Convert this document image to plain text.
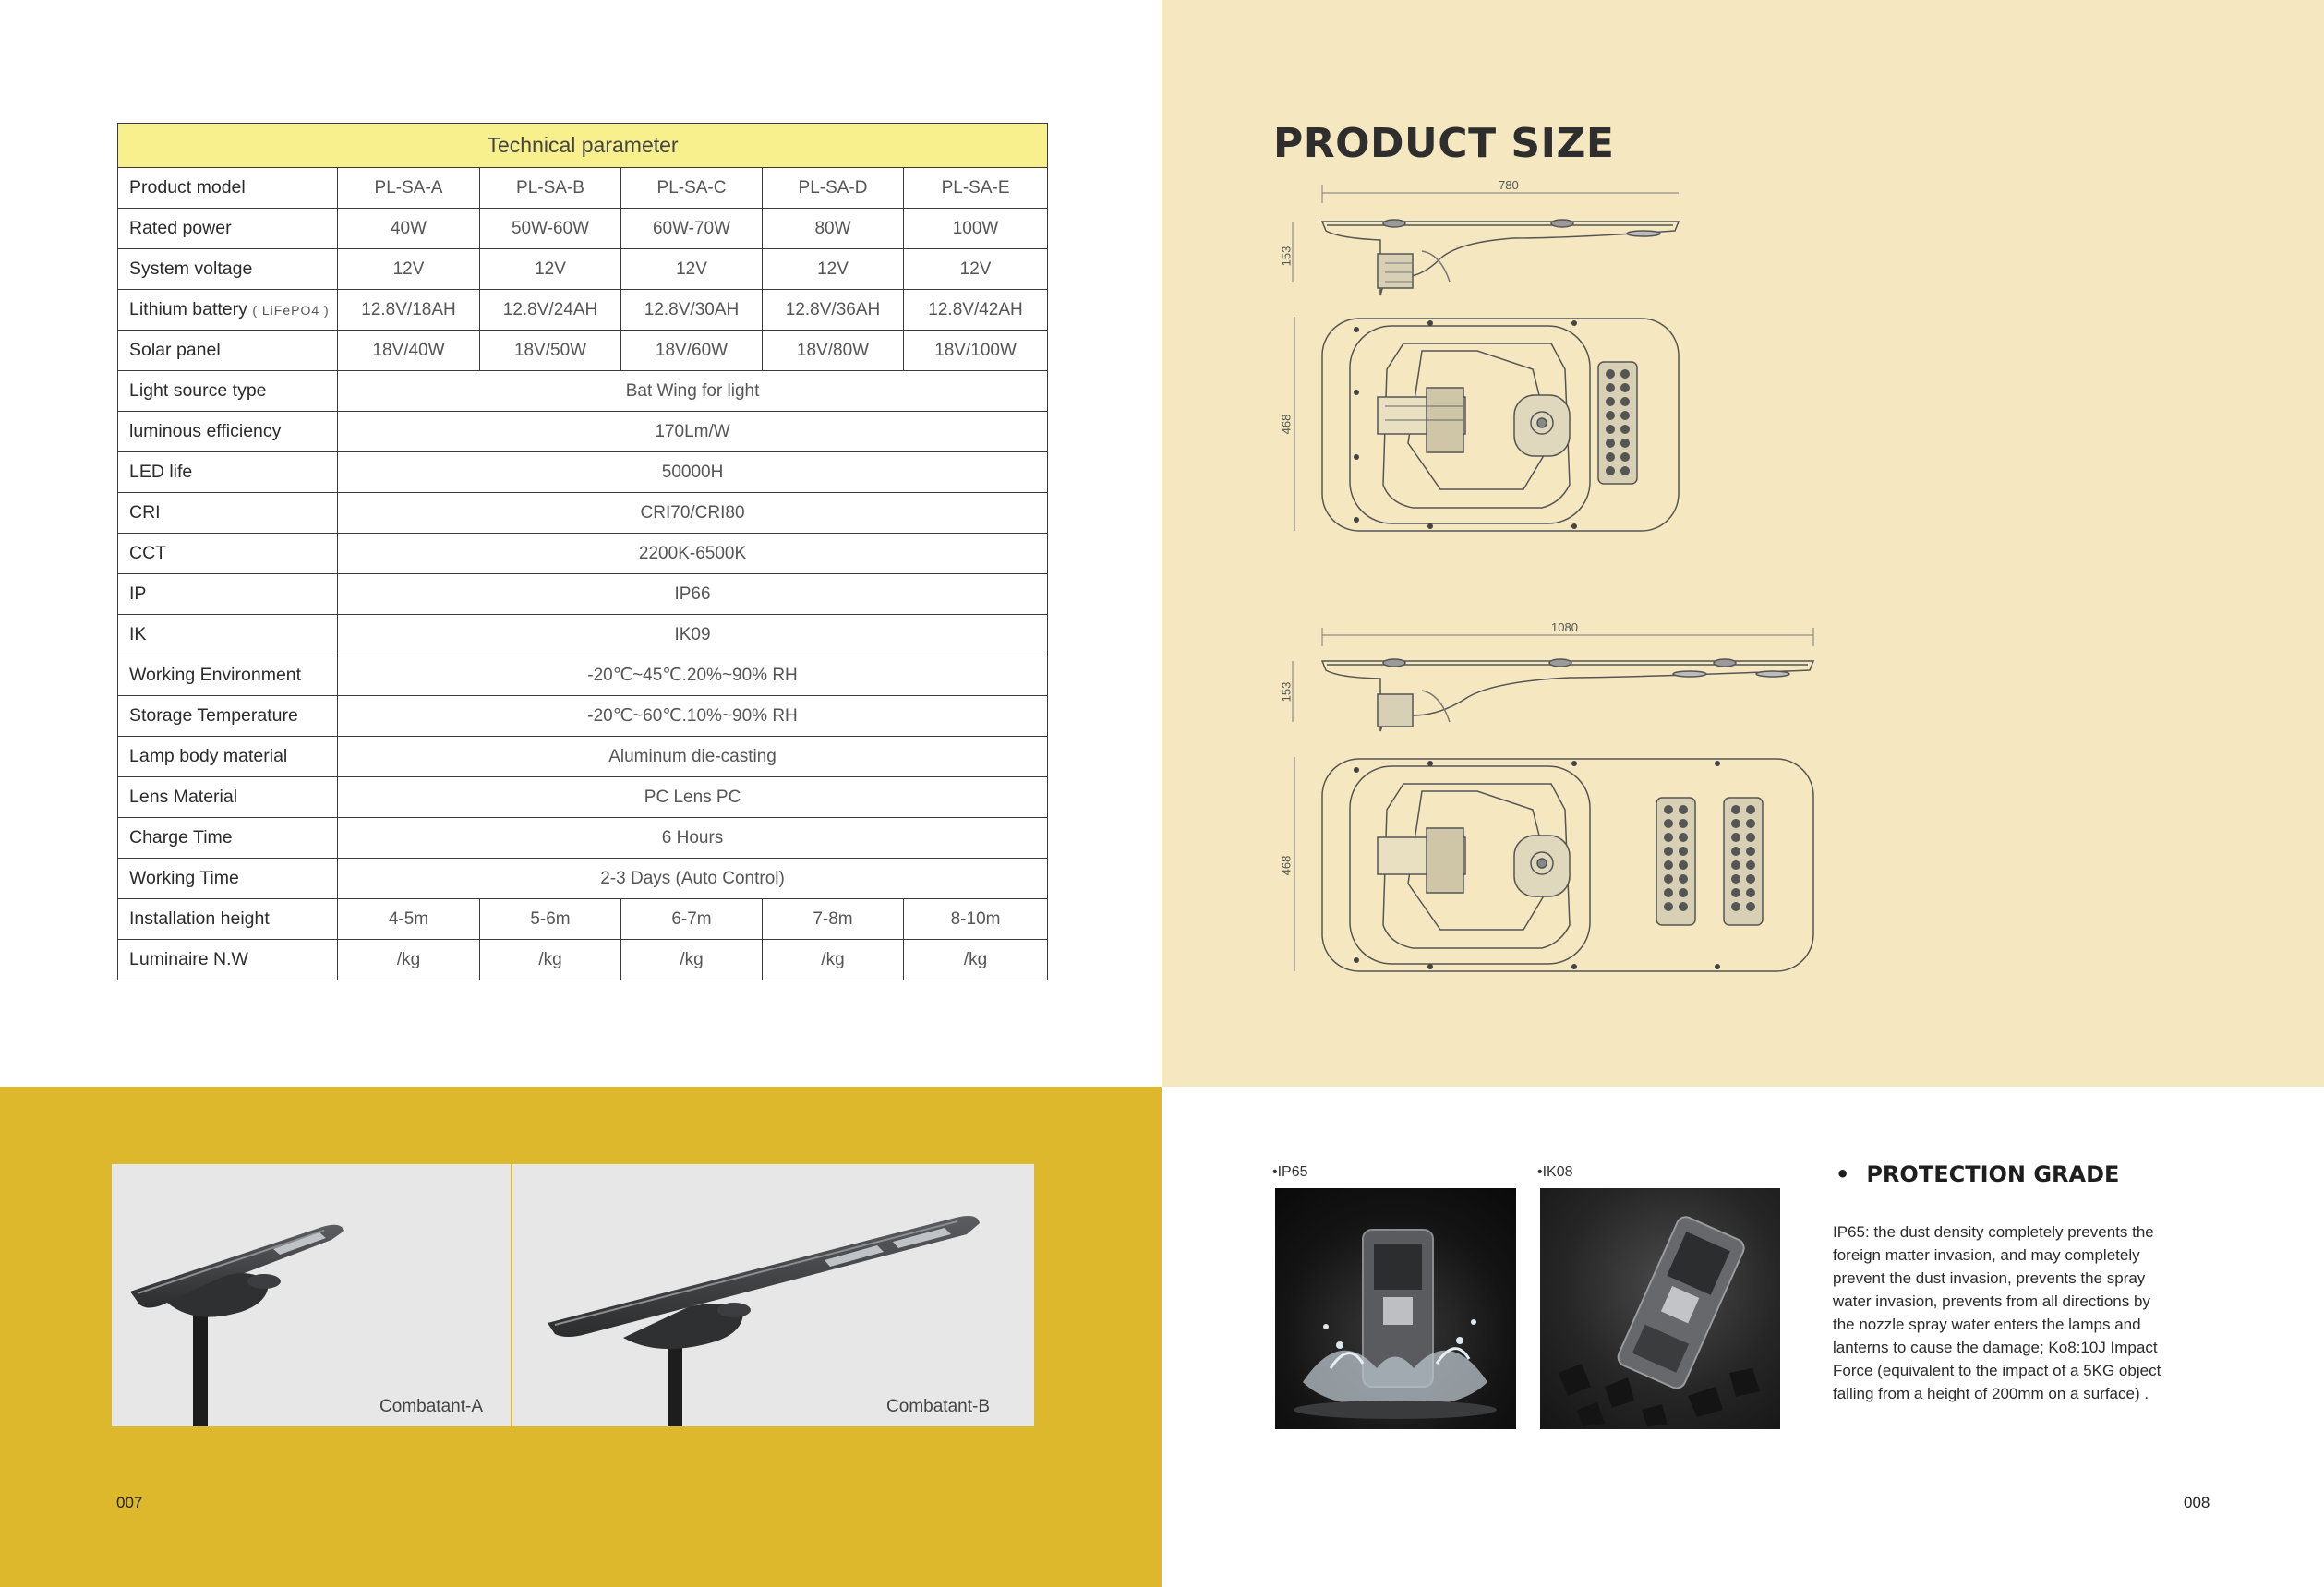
Technical parameter					
Product model	PL-SA-A	PL-SA-B	PL-SA-C	PL-SA-D	PL-SA-E
Rated power	40W	50W-60W	60W-70W	80W	100W
System voltage	12V	12V	12V	12V	12V
Lithium battery ( LiFePO4 )	12.8V/18AH	12.8V/24AH	12.8V/30AH	12.8V/36AH	12.8V/42AH
Solar panel	18V/40W	18V/50W	18V/60W	18V/80W	18V/100W
Light source type	Bat Wing for light				
luminous efficiency	170Lm/W				
LED life	50000H				
CRI	CRI70/CRI80				
CCT	2200K-6500K				
IP	IP66				
IK	IK09				
Working Environment	-20℃~45℃.20%~90% RH				
Storage Temperature	-20℃~60℃.10%~90% RH				
Lamp body material	Aluminum die-casting				
Lens Material	PC Lens PC				
Charge Time	6 Hours				
Working Time	2-3 Days (Auto Control)				
Installation height	4-5m	5-6m	6-7m	7-8m	8-10m
Luminaire N.W	/kg	/kg	/kg	/kg	/kg
PRODUCT SIZE
780
153
468
1080
153
468
Combatant-A	Combatant-B
007	008
•IP65	•IK08	• PROTECTION GRADE
IP65: the dust density completely prevents the foreign matter invasion, and may completely prevent the dust invasion, prevents the spray water invasion, prevents from all directions by the nozzle spray water enters the lamps and lanterns to cause the damage; Ko8:10J Impact Force (equivalent to the impact of a 5KG object falling from a height of 200mm on a surface) .
